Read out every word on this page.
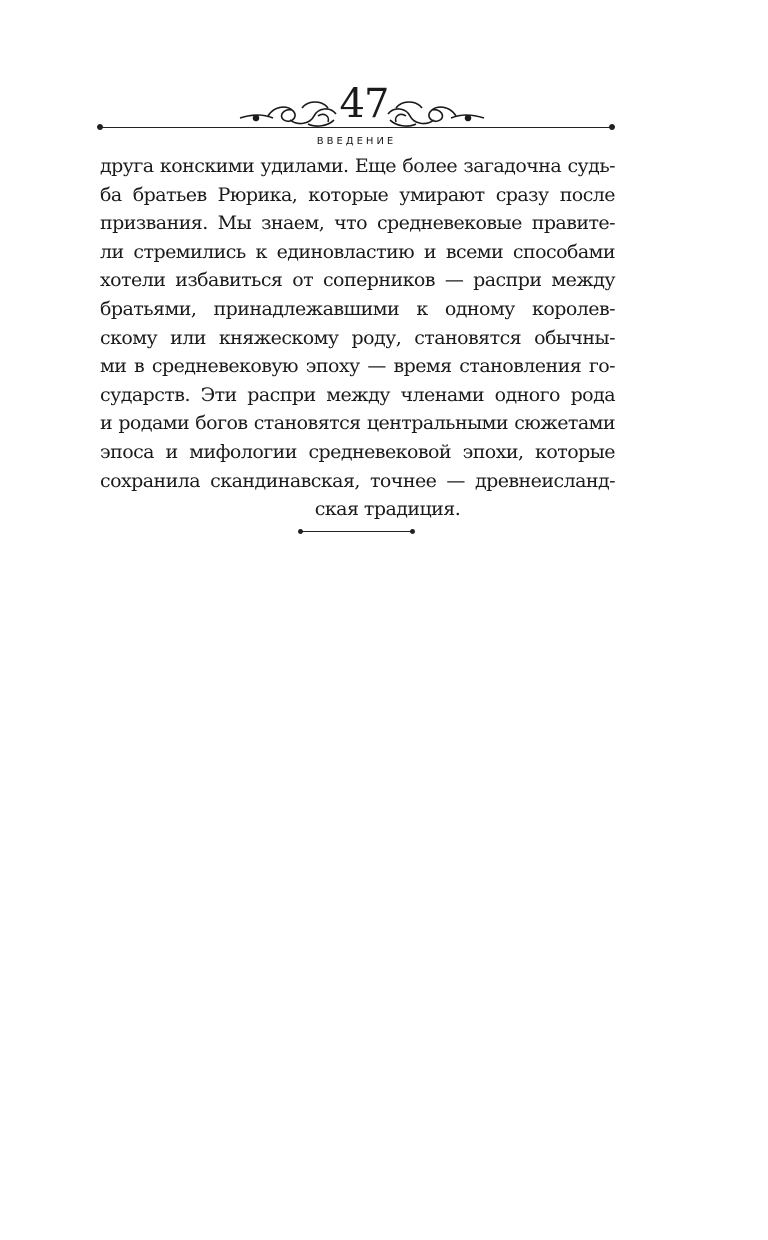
47
ВВЕДЕНИЕ
друга конскими удилами. Еще более загадочна судь-
ба братьев Рюрика, которые умирают сразу после
призвания. Мы знаем, что средневековые правите-
ли стремились к единовластию и всеми способами
хотели избавиться от соперников — распри между
братьями, принадлежавшими к одному королев-
скому или княжескому роду, становятся обычны-
ми в средневековую эпоху — время становления го-
сударств. Эти распри между членами одного рода
и родами богов становятся центральными сюжетами
эпоса и мифологии средневековой эпохи, которые
сохранила скандинавская, точнее — древнеисланд-
ская традиция.
